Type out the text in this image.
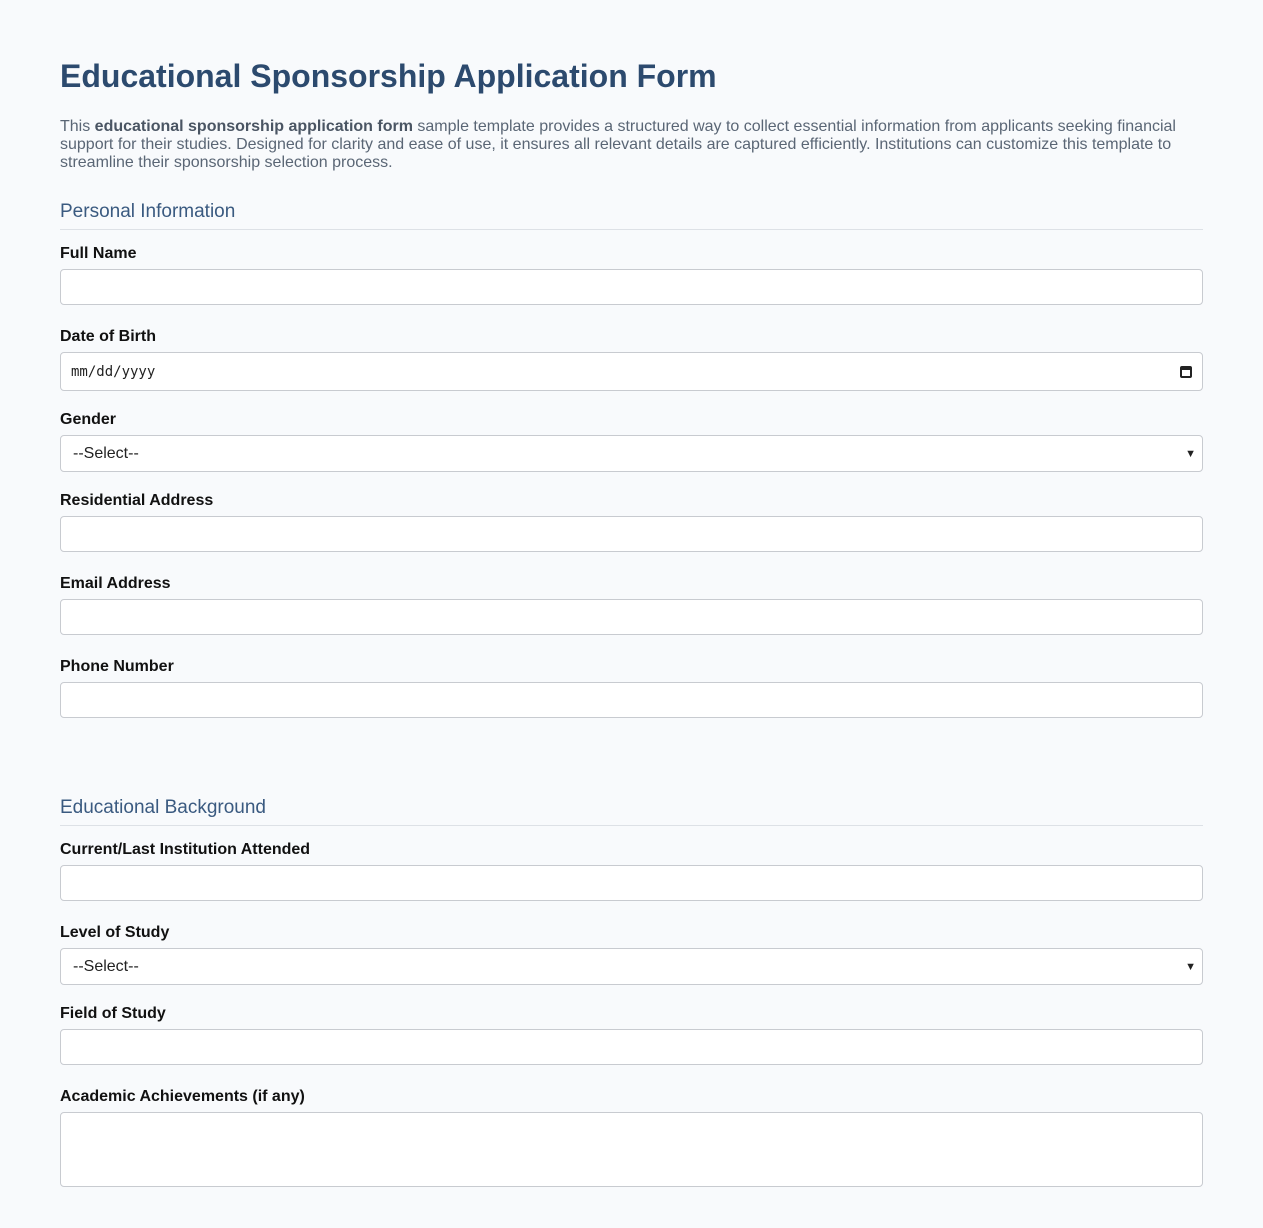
Educational Sponsorship Application Form

This educational sponsorship application form sample template provides a structured way to collect essential information from applicants seeking financial support for their studies. Designed for clarity and ease of use, it ensures all relevant details are captured efficiently. Institutions can customize this template to streamline their sponsorship selection process.

Personal Information
Full Name
Date of Birth
mm/dd/yyyy
Gender
--Select--	▼
Residential Address
Email Address
Phone Number
Educational Background
Current/Last Institution Attended
Level of Study
--Select--	▼
Field of Study
Academic Achievements (if any)
